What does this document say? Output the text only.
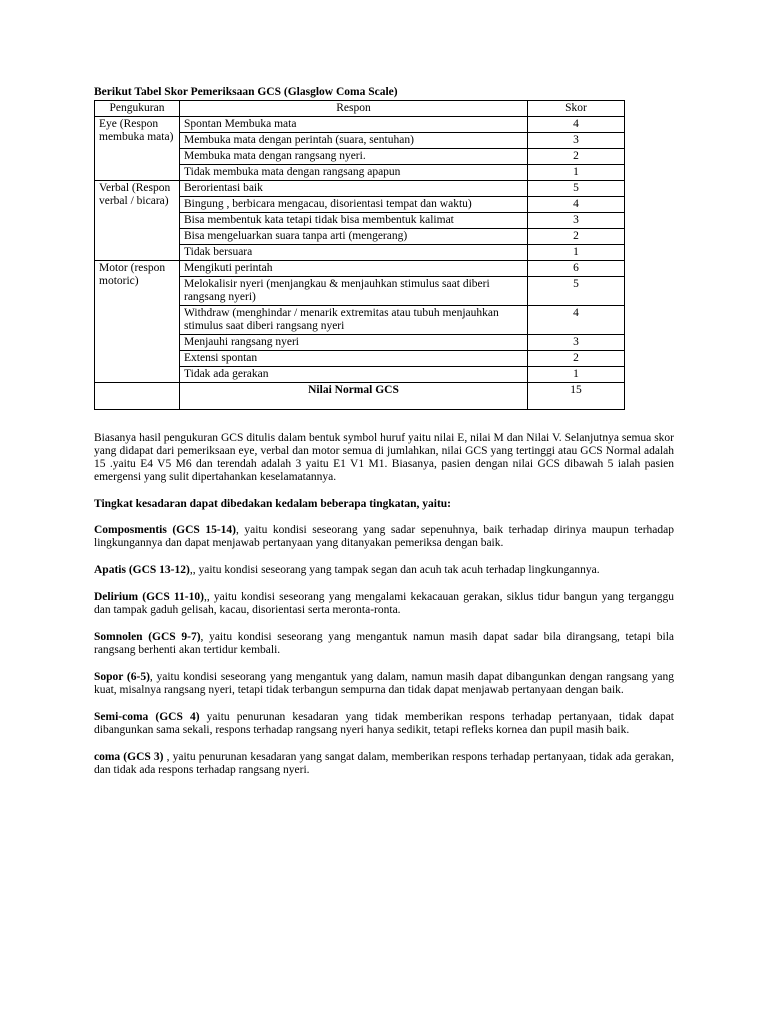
Berikut Tabel Skor Pemeriksaan GCS (Glasglow Coma Scale)

Pengukuran	Respon	Skor
Eye (Respon membuka mata)	Spontan Membuka mata	4
	Membuka mata dengan perintah (suara, sentuhan)	3
	Membuka mata dengan rangsang nyeri.	2
	Tidak membuka mata dengan rangsang apapun	1
Verbal (Respon verbal / bicara)	Berorientasi baik	5
	Bingung , berbicara mengacau, disorientasi tempat dan waktu)	4
	Bisa membentuk kata tetapi tidak bisa membentuk kalimat	3
	Bisa mengeluarkan suara tanpa arti (mengerang)	2
	Tidak bersuara	1
Motor (respon motoric)	Mengikuti perintah	6
	Melokalisir nyeri (menjangkau & menjauhkan stimulus saat diberi rangsang nyeri)	5
	Withdraw (menghindar / menarik extremitas atau tubuh menjauhkan stimulus saat diberi rangsang nyeri	4
	Menjauhi rangsang nyeri	3
	Extensi spontan	2
	Tidak ada gerakan	1
	Nilai Normal GCS	15

Biasanya hasil pengukuran GCS ditulis dalam bentuk symbol huruf yaitu nilai E, nilai M dan Nilai V. Selanjutnya semua skor yang didapat dari pemeriksaan eye, verbal dan motor semua di jumlahkan, nilai GCS yang tertinggi atau GCS Normal adalah 15 .yaitu E4 V5 M6 dan terendah adalah 3 yaitu E1 V1 M1. Biasanya, pasien dengan nilai GCS dibawah 5 ialah pasien emergensi yang sulit dipertahankan keselamatannya.

Tingkat kesadaran dapat dibedakan kedalam beberapa tingkatan, yaitu:

Composmentis (GCS 15-14), yaitu kondisi seseorang yang sadar sepenuhnya, baik terhadap dirinya maupun terhadap lingkungannya dan dapat menjawab pertanyaan yang ditanyakan pemeriksa dengan baik.

Apatis (GCS 13-12),, yaitu kondisi seseorang yang tampak segan dan acuh tak acuh terhadap lingkungannya.

Delirium (GCS 11-10),, yaitu kondisi seseorang yang mengalami kekacauan gerakan, siklus tidur bangun yang terganggu dan tampak gaduh gelisah, kacau, disorientasi serta meronta-ronta.

Somnolen (GCS 9-7), yaitu kondisi seseorang yang mengantuk namun masih dapat sadar bila dirangsang, tetapi bila rangsang berhenti akan tertidur kembali.

Sopor (6-5), yaitu kondisi seseorang yang mengantuk yang dalam, namun masih dapat dibangunkan dengan rangsang yang kuat, misalnya rangsang nyeri, tetapi tidak terbangun sempurna dan tidak dapat menjawab pertanyaan dengan baik.

Semi-coma (GCS 4) yaitu penurunan kesadaran yang tidak memberikan respons terhadap pertanyaan, tidak dapat dibangunkan sama sekali, respons terhadap rangsang nyeri hanya sedikit, tetapi refleks kornea dan pupil masih baik.

coma (GCS 3) , yaitu penurunan kesadaran yang sangat dalam, memberikan respons terhadap pertanyaan, tidak ada gerakan, dan tidak ada respons terhadap rangsang nyeri.
